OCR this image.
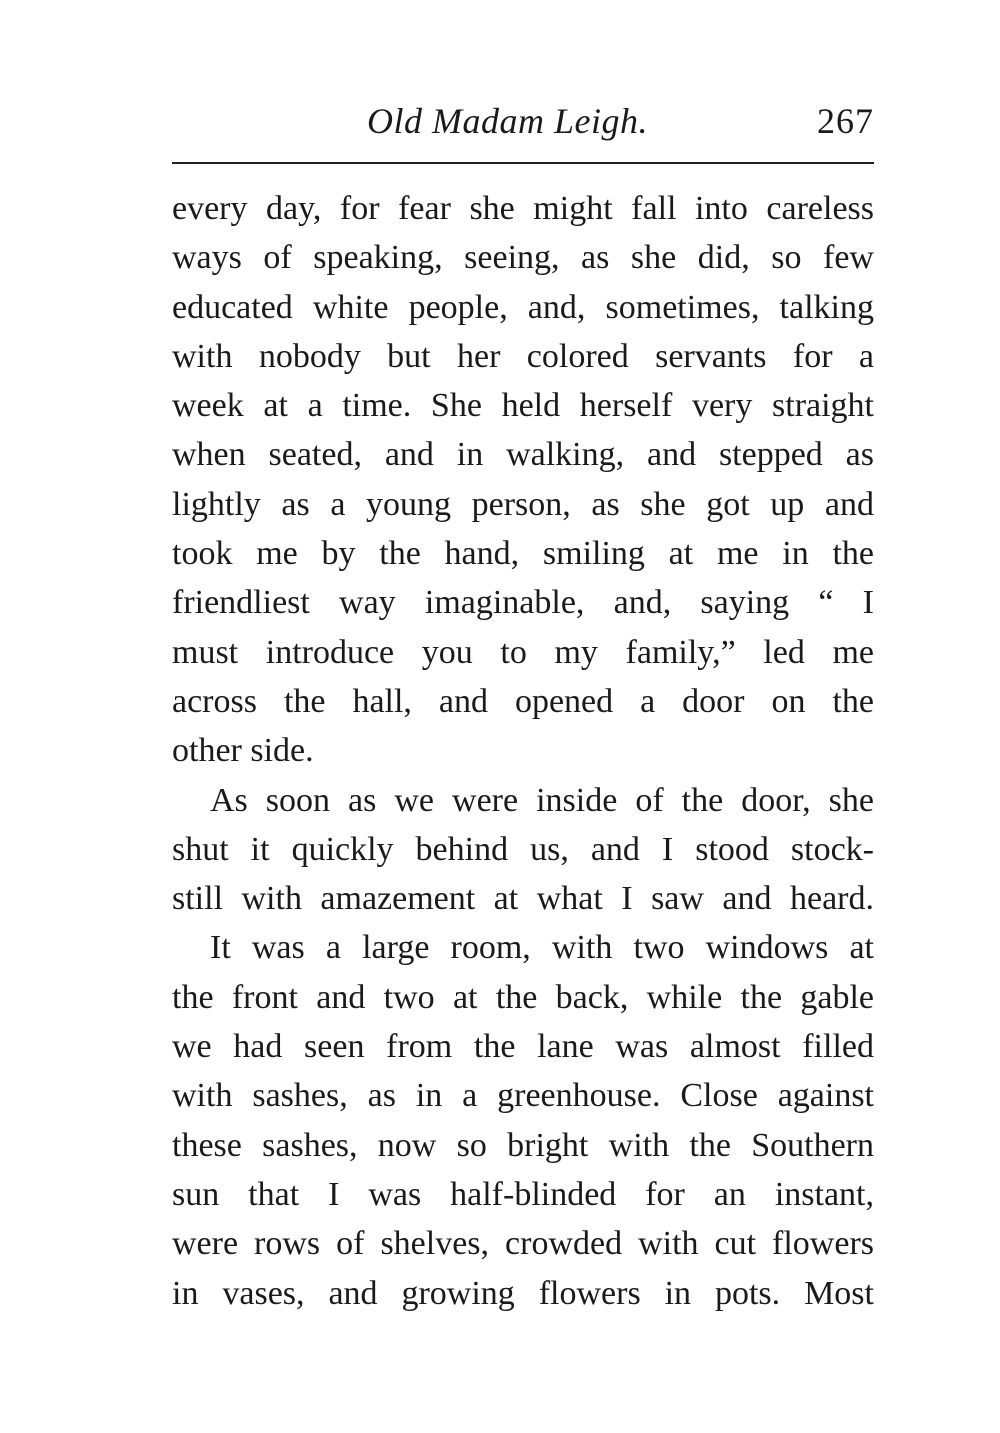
Old Madam Leigh.	267
every day, for fear she might fall into careless
ways of speaking, seeing, as she did, so few
educated white people, and, sometimes, talking
with nobody but her colored servants for a
week at a time. She held herself very straight
when seated, and in walking, and stepped as
lightly as a young person, as she got up and
took me by the hand, smiling at me in the
friendliest way imaginable, and, saying “ I
must introduce you to my family,” led me
across the hall, and opened a door on the
other side.
As soon as we were inside of the door, she
shut it quickly behind us, and I stood stock-
still with amazement at what I saw and heard.
It was a large room, with two windows at
the front and two at the back, while the gable
we had seen from the lane was almost filled
with sashes, as in a greenhouse. Close against
these sashes, now so bright with the Southern
sun that I was half-blinded for an instant,
were rows of shelves, crowded with cut flowers
in vases, and growing flowers in pots. Most
